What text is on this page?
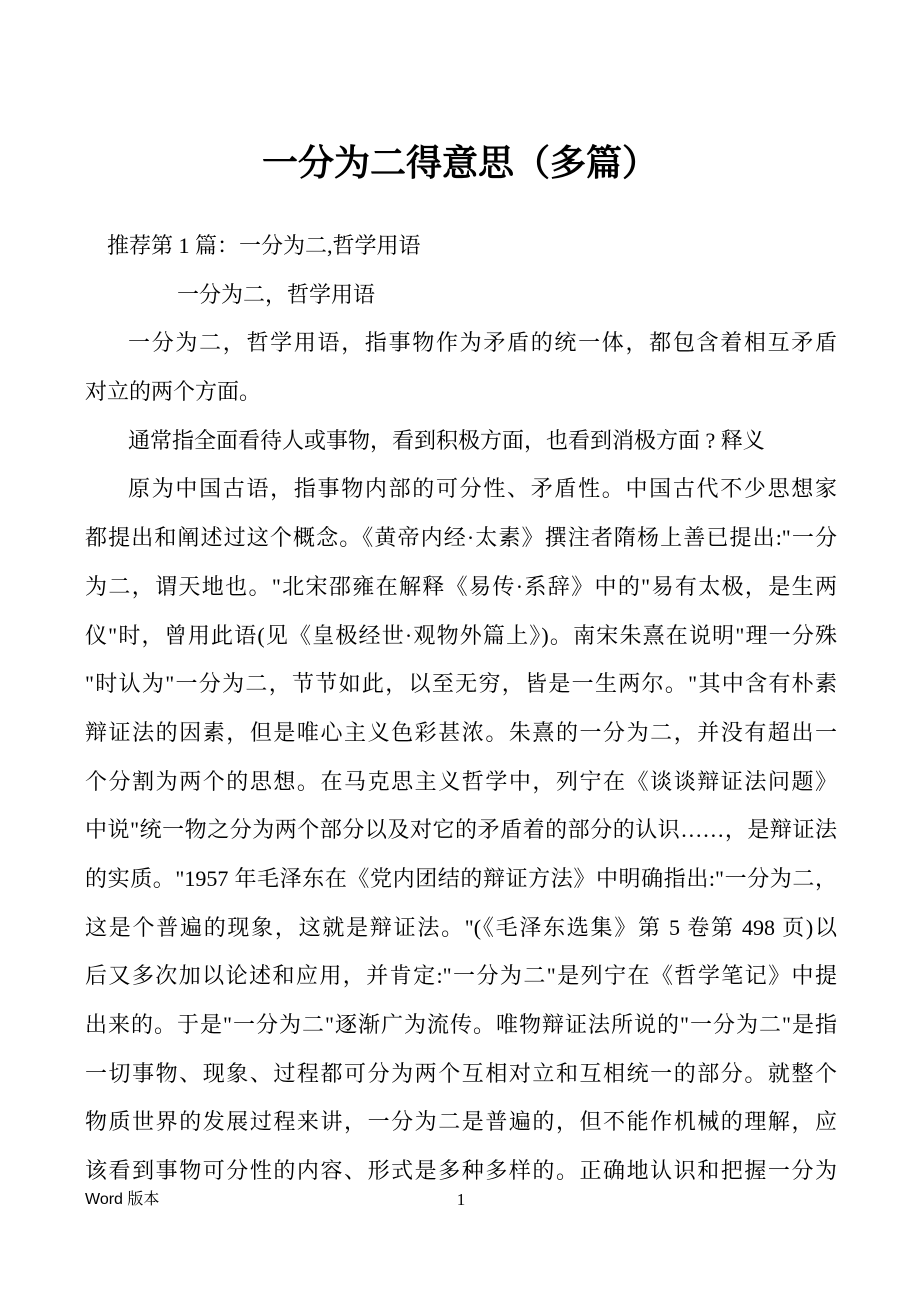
一分为二得意思（多篇）
推荐第 1 篇：一分为二,哲学用语
一分为二，哲学用语
一分为二，哲学用语，指事物作为矛盾的统一体，都包含着相互矛盾
对立的两个方面。
通常指全面看待人或事物，看到积极方面，也看到消极方面 ? 释义
原为中国古语，指事物内部的可分性、矛盾性。中国古代不少思想家
都提出和阐述过这个概念。《黄帝内经·太素》撰注者隋杨上善已提出:"一分
为二，谓天地也。"北宋邵雍在解释《易传·系辞》中的"易有太极，是生两
仪"时，曾用此语(见《皇极经世·观物外篇上》)。南宋朱熹在说明"理一分殊
"时认为"一分为二，节节如此，以至无穷，皆是一生两尔。"其中含有朴素
辩证法的因素，但是唯心主义色彩甚浓。朱熹的一分为二，并没有超出一
个分割为两个的思想。在马克思主义哲学中，列宁在《谈谈辩证法问题》
中说"统一物之分为两个部分以及对它的矛盾着的部分的认识……，是辩证法
的实质。"1957 年毛泽东在《党内团结的辩证方法》中明确指出:"一分为二，
这是个普遍的现象，这就是辩证法。"(《毛泽东选集》第 5 卷第 498 页)以
后又多次加以论述和应用，并肯定:"一分为二"是列宁在《哲学笔记》中提
出来的。于是"一分为二"逐渐广为流传。唯物辩证法所说的"一分为二"是指
一切事物、现象、过程都可分为两个互相对立和互相统一的部分。就整个
物质世界的发展过程来讲，一分为二是普遍的，但不能作机械的理解，应
该看到事物可分性的内容、形式是多种多样的。正确地认识和把握一分为
Word 版本	1
